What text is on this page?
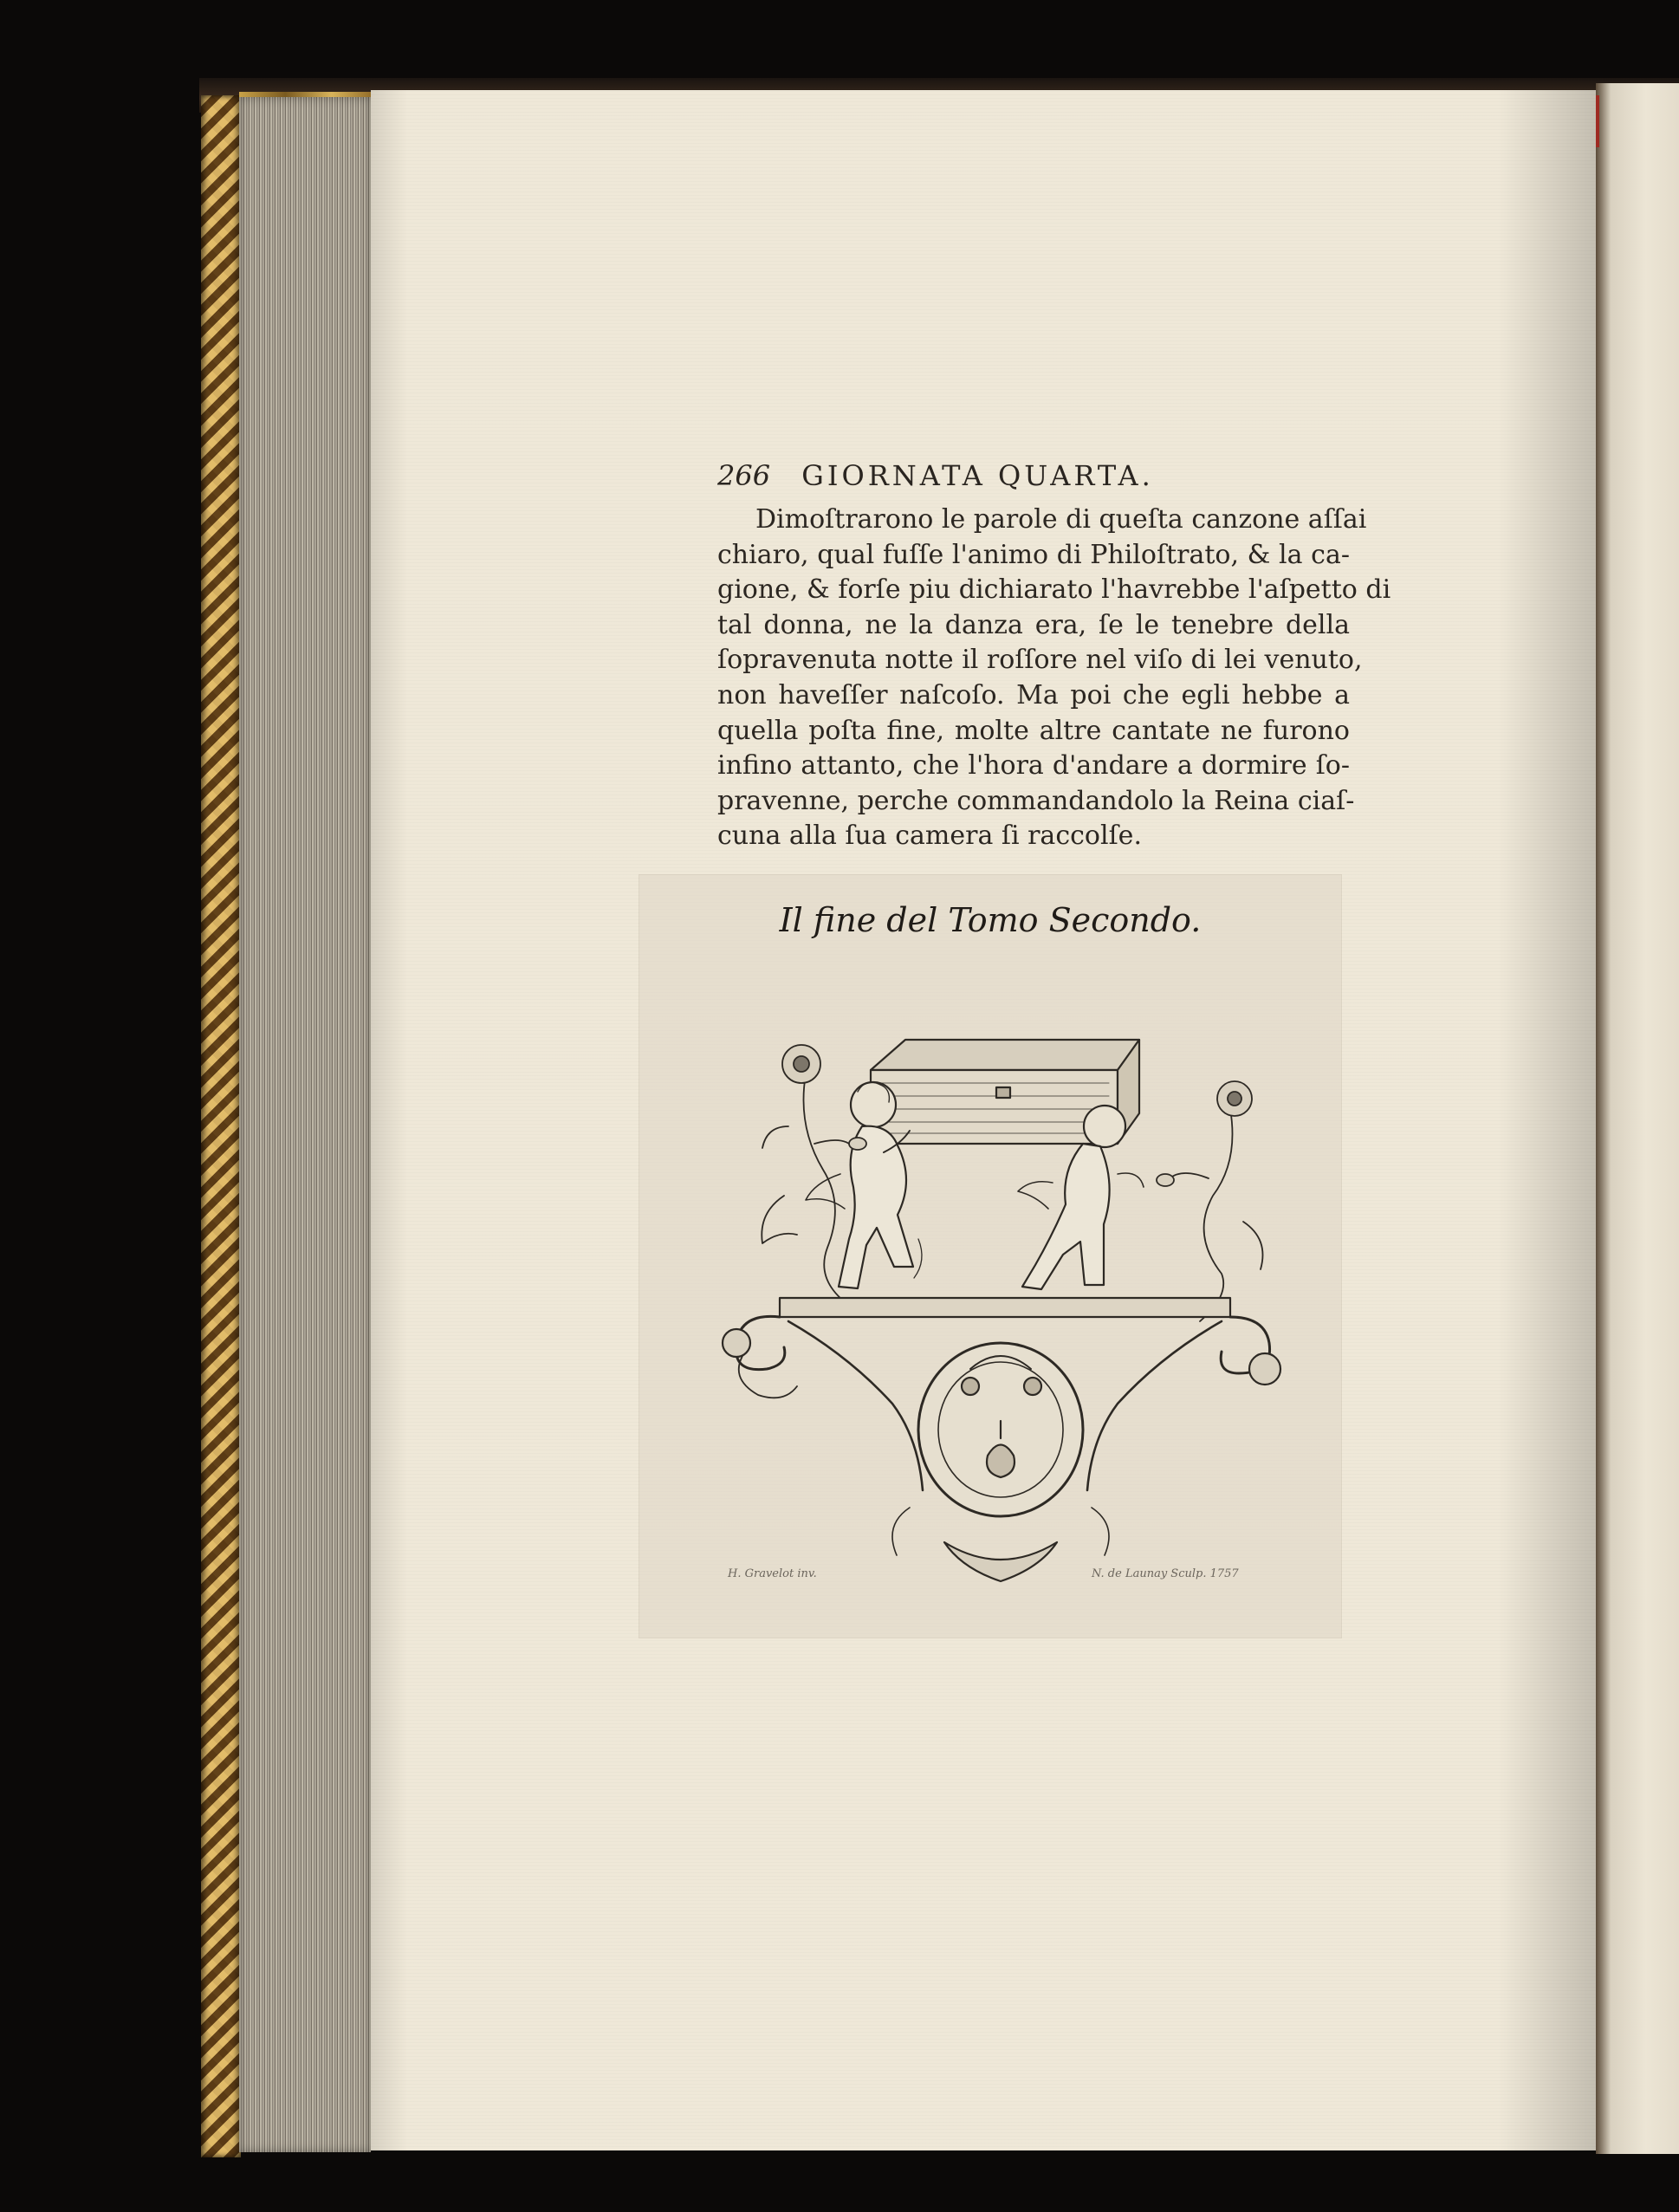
266 GIORNATA QUARTA.
Dimoſtrarono le parole di queſta canzone aſſai
chiaro, qual fuſſe l'animo di Philoſtrato, & la ca-
gione, & forſe piu dichiarato l'havrebbe l'aſpetto di
tal donna, ne la danza era, ſe le tenebre della
ſopravenuta notte il roſſore nel viſo di lei venuto,
non haveſſer naſcoſo. Ma poi che egli hebbe a
quella poſta fine, molte altre cantate ne furono
infino attanto, che l'hora d'andare a dormire ſo-
pravenne, perche commandandolo la Reina ciaſ-
cuna alla ſua camera ſi raccolſe.

Il fine del Tomo Secondo.

H. Gravelot inv.	N. de Launay Sculp. 1757
